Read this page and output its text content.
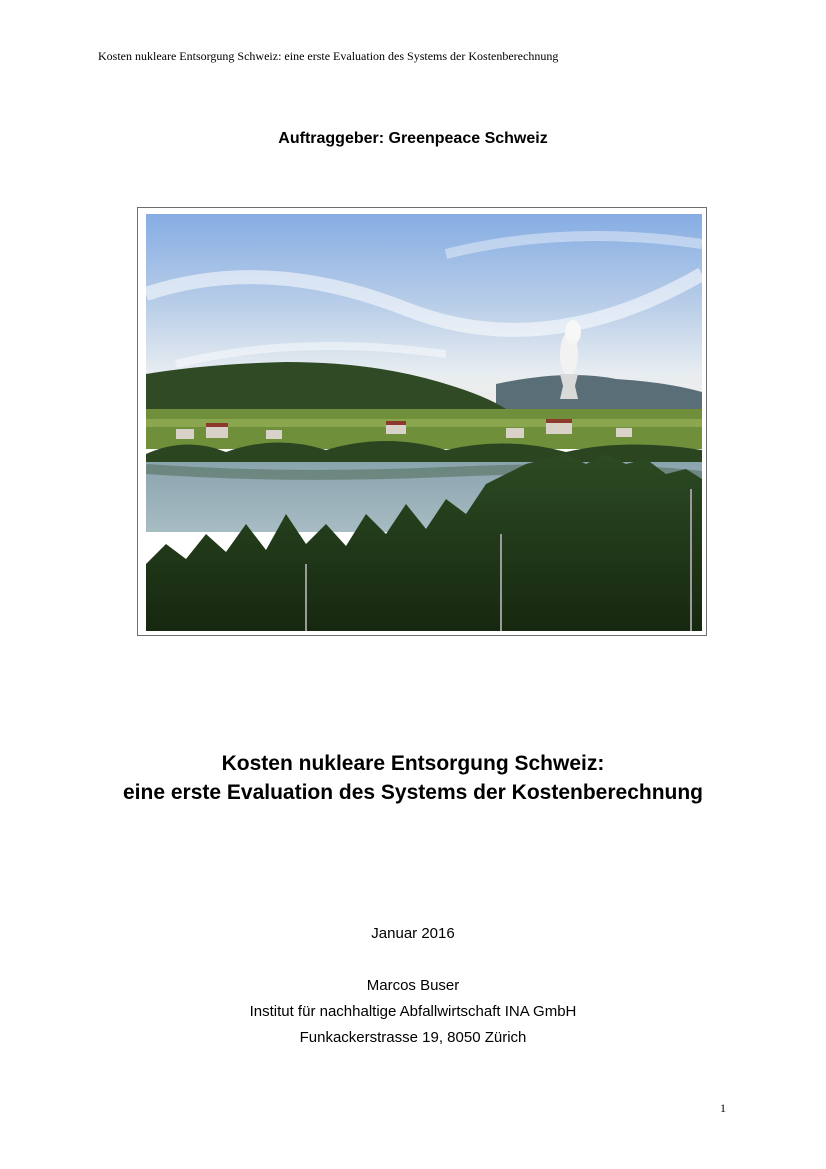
Kosten nukleare Entsorgung Schweiz: eine erste Evaluation des Systems der Kostenberechnung
Auftraggeber: Greenpeace Schweiz
Kosten nukleare Entsorgung Schweiz:
eine erste Evaluation des Systems der Kostenberechnung
Januar 2016
Marcos Buser
Institut für nachhaltige Abfallwirtschaft INA GmbH
Funkackerstrasse 19, 8050 Zürich
1
